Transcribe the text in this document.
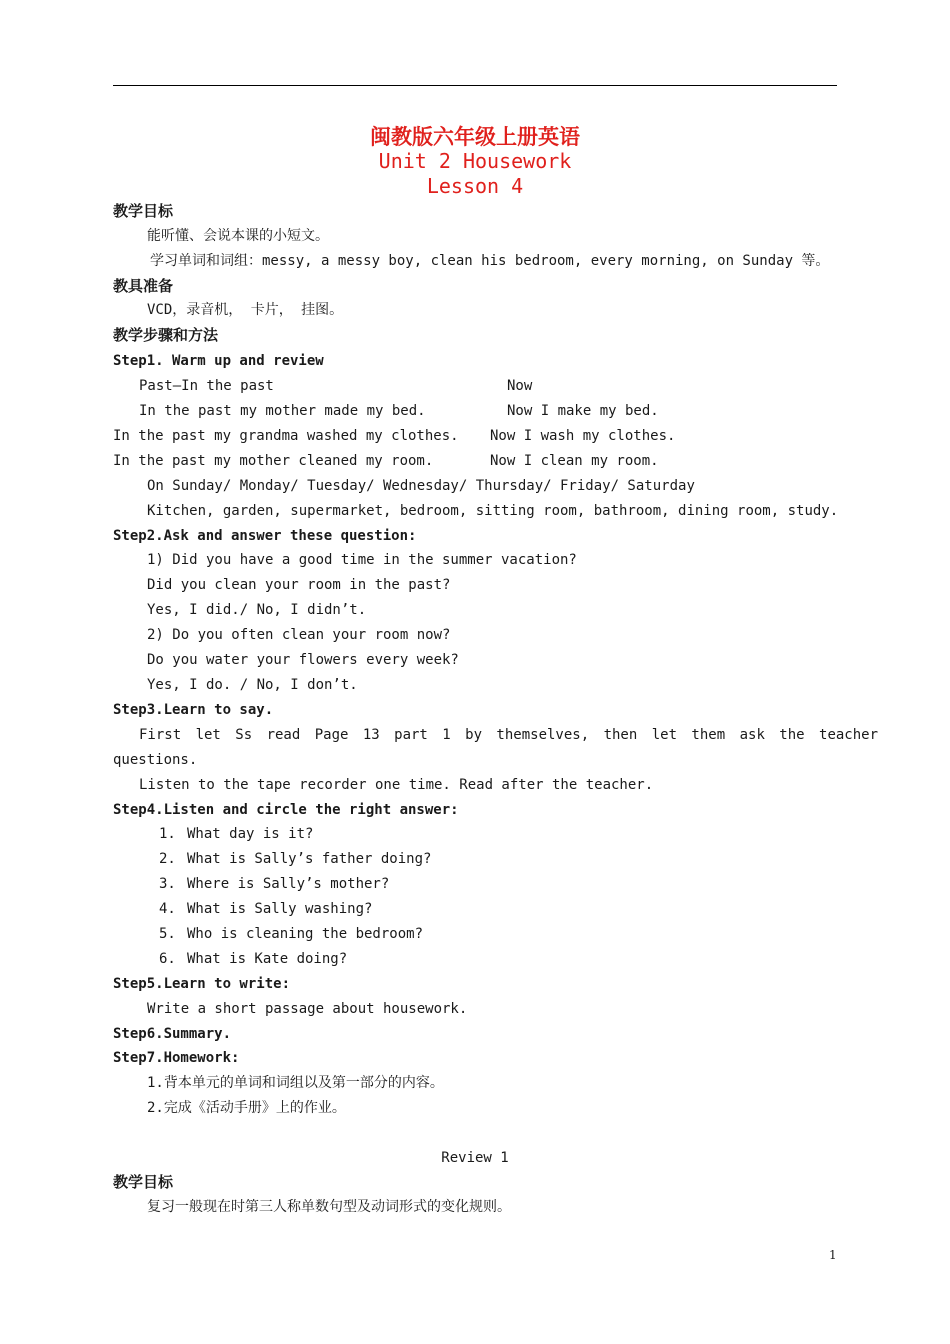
闽教版六年级上册英语
Unit 2 Housework
Lesson 4
教学目标
能听懂、会说本课的小短文。
学习单词和词组：messy, a messy boy, clean his bedroom, every morning, on Sunday 等。
教具准备
VCD，录音机， 卡片， 挂图。
教学步骤和方法
Step1. Warm up and review
Past—In the past	Now
In the past my mother made my bed.	Now I make my bed.
In the past my grandma washed my clothes. Now I wash my clothes.
In the past my mother cleaned my room.	Now I clean my room.
On Sunday/ Monday/ Tuesday/ Wednesday/ Thursday/ Friday/ Saturday
Kitchen, garden, supermarket, bedroom, sitting room, bathroom, dining room, study.
Step2.Ask and answer these question:
1) Did you have a good time in the summer vacation?
Did you clean your room in the past?
Yes, I did./ No, I didn’t.
2) Do you often clean your room now?
Do you water your flowers every week?
Yes, I do. / No, I don’t.
Step3.Learn to say.
First let Ss read Page 13 part 1 by themselves, then let them ask the teacher
questions.
Listen to the tape recorder one time. Read after the teacher.
Step4.Listen and circle the right answer:
1. What day is it?
2. What is Sally’s father doing?
3. Where is Sally’s mother?
4. What is Sally washing?
5. Who is cleaning the bedroom?
6. What is Kate doing?
Step5.Learn to write:
Write a short passage about housework.
Step6.Summary.
Step7.Homework:
1.背本单元的单词和词组以及第一部分的内容。
2.完成《活动手册》上的作业。
Review 1
教学目标
复习一般现在时第三人称单数句型及动词形式的变化规则。
1
